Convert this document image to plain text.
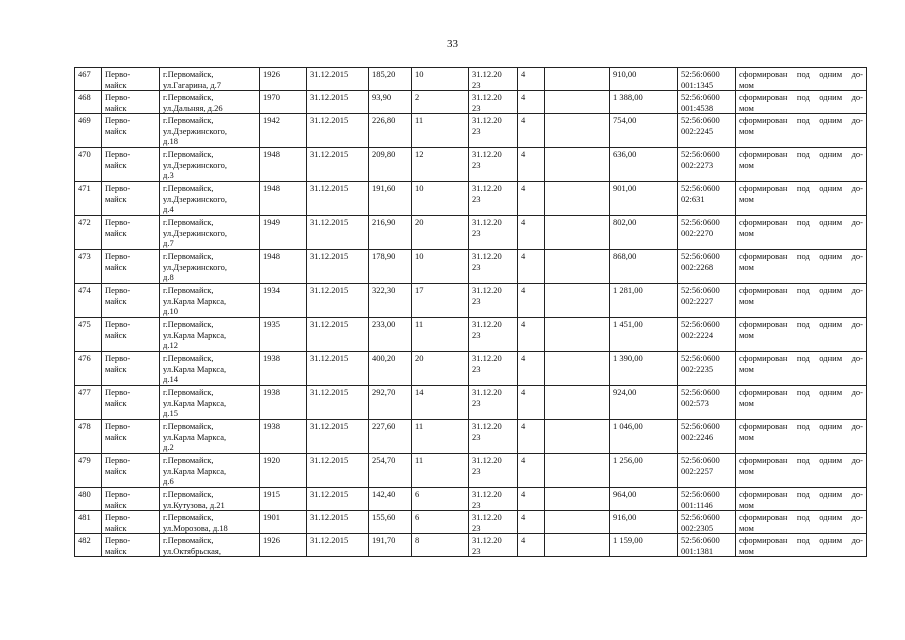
33
467	Перво-
майск	г.Первомайск,
ул.Гагарина, д.7	1926	31.12.2015	185,20	10	31.12.20
23	4		910,00	52:56:0600
001:1345	сформирован под одним до-
мом

468	Перво-
майск	г.Первомайск,
ул.Дальняя, д.26	1970	31.12.2015	93,90	2	31.12.20
23	4		1 388,00	52:56:0600
001:4538	сформирован под одним до-
мом

469	Перво-
майск	г.Первомайск,
ул.Дзержинского,
д.18	1942	31.12.2015	226,80	11	31.12.20
23	4		754,00	52:56:0600
002:2245	сформирован под одним до-
мом

470	Перво-
майск	г.Первомайск,
ул.Дзержинского,
д.3	1948	31.12.2015	209,80	12	31.12.20
23	4		636,00	52:56:0600
002:2273	сформирован под одним до-
мом

471	Перво-
майск	г.Первомайск,
ул.Дзержинского,
д.4	1948	31.12.2015	191,60	10	31.12.20
23	4		901,00	52:56:0600
02:631	сформирован под одним до-
мом

472	Перво-
майск	г.Первомайск,
ул.Дзержинского,
д.7	1949	31.12.2015	216,90	20	31.12.20
23	4		802,00	52:56:0600
002:2270	сформирован под одним до-
мом

473	Перво-
майск	г.Первомайск,
ул.Дзержинского,
д.8	1948	31.12.2015	178,90	10	31.12.20
23	4		868,00	52:56:0600
002:2268	сформирован под одним до-
мом

474	Перво-
майск	г.Первомайск,
ул.Карла Маркса,
д.10	1934	31.12.2015	322,30	17	31.12.20
23	4		1 281,00	52:56:0600
002:2227	сформирован под одним до-
мом

475	Перво-
майск	г.Первомайск,
ул.Карла Маркса,
д.12	1935	31.12.2015	233,00	11	31.12.20
23	4		1 451,00	52:56:0600
002:2224	сформирован под одним до-
мом

476	Перво-
майск	г.Первомайск,
ул.Карла Маркса,
д.14	1938	31.12.2015	400,20	20	31.12.20
23	4		1 390,00	52:56:0600
002:2235	сформирован под одним до-
мом

477	Перво-
майск	г.Первомайск,
ул.Карла Маркса,
д.15	1938	31.12.2015	292,70	14	31.12.20
23	4		924,00	52:56:0600
002:573	сформирован под одним до-
мом

478	Перво-
майск	г.Первомайск,
ул.Карла Маркса,
д.2	1938	31.12.2015	227,60	11	31.12.20
23	4		1 046,00	52:56:0600
002:2246	сформирован под одним до-
мом

479	Перво-
майск	г.Первомайск,
ул.Карла Маркса,
д.6	1920	31.12.2015	254,70	11	31.12.20
23	4		1 256,00	52:56:0600
002:2257	сформирован под одним до-
мом

480	Перво-
майск	г.Первомайск,
ул.Кутузова, д.21	1915	31.12.2015	142,40	6	31.12.20
23	4		964,00	52:56:0600
001:1146	сформирован под одним до-
мом

481	Перво-
майск	г.Первомайск,
ул.Морозова, д.18	1901	31.12.2015	155,60	6	31.12.20
23	4		916,00	52:56:0600
002:2305	сформирован под одним до-
мом

482	Перво-
майск	г.Первомайск,
ул.Октябрьская,	1926	31.12.2015	191,70	8	31.12.20
23	4		1 159,00	52:56:0600
001:1381	сформирован под одним до-
мом
